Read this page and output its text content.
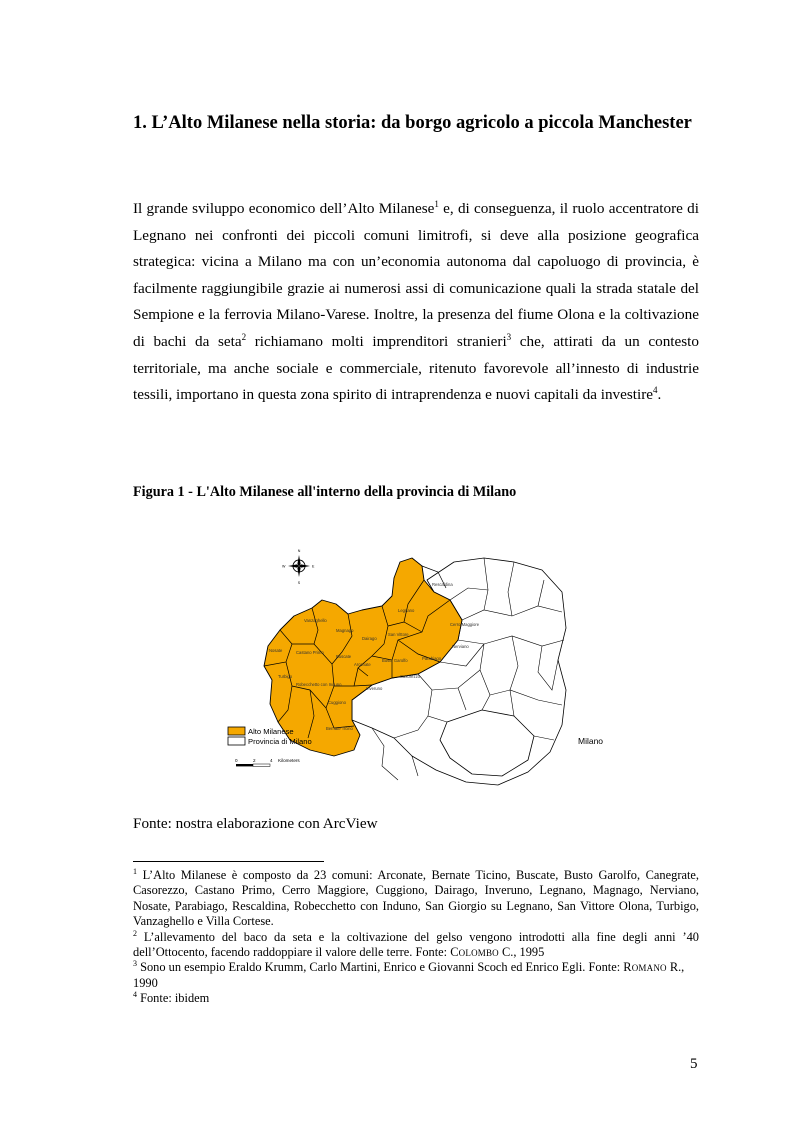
1. L’Alto Milanese nella storia: da borgo agricolo a piccola Manchester

Il grande sviluppo economico dell’Alto Milanese$^1$ e, di conseguenza, il ruolo accentratore di Legnano nei confronti dei piccoli comuni limitrofi, si deve alla posizione geografica strategica: vicina a Milano ma con un’economia autonoma dal capoluogo di provincia, è facilmente raggiungibile grazie ai numerosi assi di comunicazione quali la strada statale del Sempione e la ferrovia Milano-Varese. Inoltre, la presenza del fiume Olona e la coltivazione di bachi da seta$^2$ richiamano molti imprenditori stranieri$^3$ che, attirati da un contesto territoriale, ma anche sociale e commerciale, ritenuto favorevole all’innesto di industrie tessili, importano in questa zona spirito di intraprendenza e nuovi capitali da investire$^4$.

Figura 1 - L'Alto Milanese all'interno della provincia di Milano
Rescaldina
Legnano
Cerro Maggiore
Nerviano
Vanzaghello
Magnago
Dairago
San Vittore
Parabiago
Castano Primo
Buscate
Arconate
Busto Garolfo
Nosate
Turbigo
Robecchetto con Induno
Inveruno
Casorezzo
Cuggiono
Bernate Ticino
N
S
E
W
Alto Milanese
Provincia di Milano
0	2	4 Kilometers
Milano
Fonte: nostra elaborazione con ArcView

$^1$ L’Alto Milanese è composto da 23 comuni: Arconate, Bernate Ticino, Buscate, Busto Garolfo, Canegrate, Casorezzo, Castano Primo, Cerro Maggiore, Cuggiono, Dairago, Inveruno, Legnano, Magnago, Nerviano, Nosate, Parabiago, Rescaldina, Robecchetto con Induno, San Giorgio su Legnano, San Vittore Olona, Turbigo, Vanzaghello e Villa Cortese.

$^2$ L’allevamento del baco da seta e la coltivazione del gelso vengono introdotti alla fine degli anni ’40 dell’Ottocento, facendo raddoppiare il valore delle terre. Fonte: Colombo C., 1995

$^3$ Sono un esempio Eraldo Krumm, Carlo Martini, Enrico e Giovanni Scoch ed Enrico Egli. Fonte: Romano R., 1990

$^4$ Fonte: ibidem

5
